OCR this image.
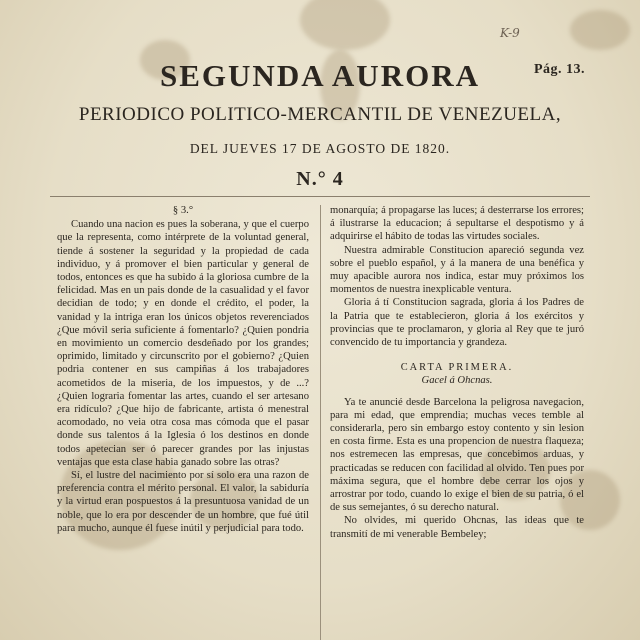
K-9
SEGUNDA AURORA	Pág. 13.
PERIODICO POLITICO-MERCANTIL DE VENEZUELA,
DEL JUEVES 17 DE AGOSTO DE 1820.
N.° 4

§ 3.°

Cuando una nacion es pues la soberana, y que el cuerpo que la representa, como intérprete de la voluntad general, tiende á sostener la seguridad y la propiedad de cada individuo, y á promover el bien particular y general de todos, entonces es que ha subido á la gloriosa cumbre de la felicidad. Mas en un pais donde de la casualidad y el favor decidian de todo; y en donde el crédito, el poder, la vanidad y la intriga eran los únicos objetos reverenciados ¿Que móvil seria suficiente á fomentarlo? ¿Quien pondria en movimiento un comercio desdeñado por los grandes; oprimido, limitado y circunscrito por el gobierno? ¿Quien podria contener en sus campiñas á los trabajadores acometidos de la miseria, de los impuestos, y de ...? ¿Quien lograria fomentar las artes, cuando el ser artesano era ridículo? ¿Que hijo de fabricante, artista ó menestral acomodado, no veia otra cosa mas cómoda que el pasar donde sus talentos á la Iglesia ó los destinos en donde todos apetecian ser ó parecer grandes por las injustas ventajas que esta clase habia ganado sobre las otras?

Sí, el lustre del nacimiento por sí solo era una razon de preferencia contra el mérito personal. El valor, la sabiduría y la virtud eran pospuestos á la presuntuosa vanidad de un noble, que lo era por descender de un hombre, que fué útil para mucho, aunque él fuese inútil y perjudicial para todo.

monarquía; á propagarse las luces; á desterrarse los errores; á ilustrarse la educacion; á sepultarse el despotismo y á adquirirse el hábito de todas las virtudes sociales.

Nuestra admirable Constitucion apareció segunda vez sobre el pueblo español, y á la manera de una benéfica y muy apacible aurora nos indica, estar muy próximos los momentos de nuestra inexplicable ventura.

Gloria á tí Constitucion sagrada, gloria á los Padres de la Patria que te establecieron, gloria á los exércitos y provincias que te proclamaron, y gloria al Rey que te juró convencido de tu importancia y grandeza.

CARTA PRIMERA.

Gacel á Ohcnas.

Ya te anuncié desde Barcelona la peligrosa navegacion, para mi edad, que emprendia; muchas veces temble al considerarla, pero sin embargo estoy contento y sin lesion en costa firme. Esta es una propencion de nuestra flaqueza; nos estremecen las empresas, que concebimos arduas, y practicadas se reducen con facilidad al olvido. Ten pues por máxima segura, que el hombre debe cerrar los ojos y arrostrar por todo, cuando lo exige el bien de su patria, ó el de sus semejantes, ó su derecho natural.

No olvides, mi querido Ohcnas, las ideas que te transmití de mi venerable Bembeley;
